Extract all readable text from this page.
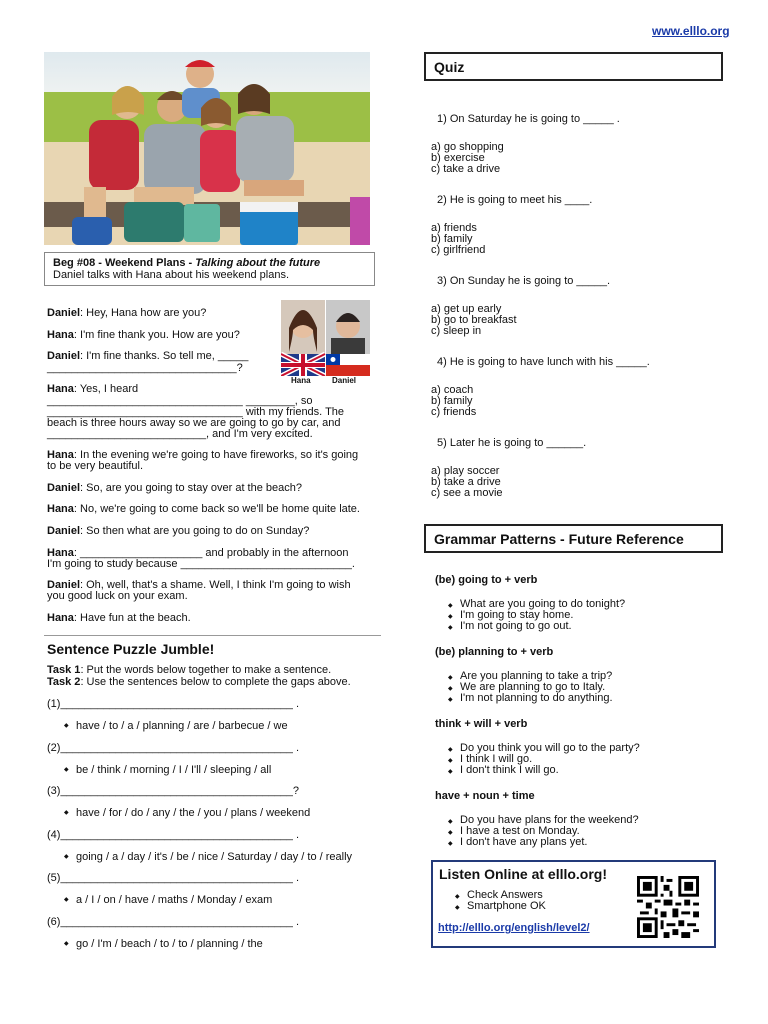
www.elllo.org
Beg #08 - Weekend Plans - Talking about the future
Daniel talks with Hana about his weekend plans.
Hana	Daniel
Daniel: Hey, Hana how are you?
Hana: I'm fine thank you. How are you?
Daniel: I'm fine thanks. So tell me, _____
_______________________________?
Hana: Yes, I heard
________________________________ ________, so
________________________________ with my friends. The
beach is three hours away so we are going to go by car, and
__________________________, and I'm very excited.
Hana: In the evening we're going to have fireworks, so it's going
to be very beautiful.
Daniel: So, are you going to stay over at the beach?
Hana: No, we're going to come back so we'll be home quite late.
Daniel: So then what are you going to do on Sunday?
Hana: ____________________ and probably in the afternoon
I'm going to study because ____________________________.
Daniel: Oh, well, that's a shame. Well, I think I'm going to wish
you good luck on your exam.
Hana: Have fun at the beach.
Sentence Puzzle Jumble!
Task 1: Put the words below together to make a sentence.
Task 2: Use the sentences below to complete the gaps above.
(1)______________________________________ .
◆ have / to / a / planning / are / barbecue / we
(2)______________________________________ .
◆ be / think / morning / I / I'll / sleeping / all
(3)______________________________________?
◆ have / for / do / any / the / you / plans / weekend
(4)______________________________________ .
◆ going / a / day / it's / be / nice / Saturday / day / to / really
(5)______________________________________ .
◆ a / I / on / have / maths / Monday / exam
(6)______________________________________ .
◆ go / I'm / beach / to / to / planning / the
Quiz
1) On Saturday he is going to _____ .
a) go shopping
b) exercise
c) take a drive
2) He is going to meet his ____.
a) friends
b) family
c) girlfriend
3) On Sunday he is going to _____.
a) get up early
b) go to breakfast
c) sleep in
4) He is going to have lunch with his _____.
a) coach
b) family
c) friends
5) Later he is going to ______.
a) play soccer
b) take a drive
c) see a movie
Grammar Patterns - Future Reference
(be) going to + verb
◆ What are you going to do tonight?
◆ I'm going to stay home.
◆ I'm not going to go out.
(be) planning to + verb
◆ Are you planning to take a trip?
◆ We are planning to go to Italy.
◆ I'm not planning to do anything.
think + will + verb
◆ Do you think you will go to the party?
◆ I think I will go.
◆ I don't think I will go.
have + noun + time
◆ Do you have plans for the weekend?
◆ I have a test on Monday.
◆ I don't have any plans yet.
Listen Online at elllo.org!
◆ Check Answers
◆ Smartphone OK
http://elllo.org/english/level2/
